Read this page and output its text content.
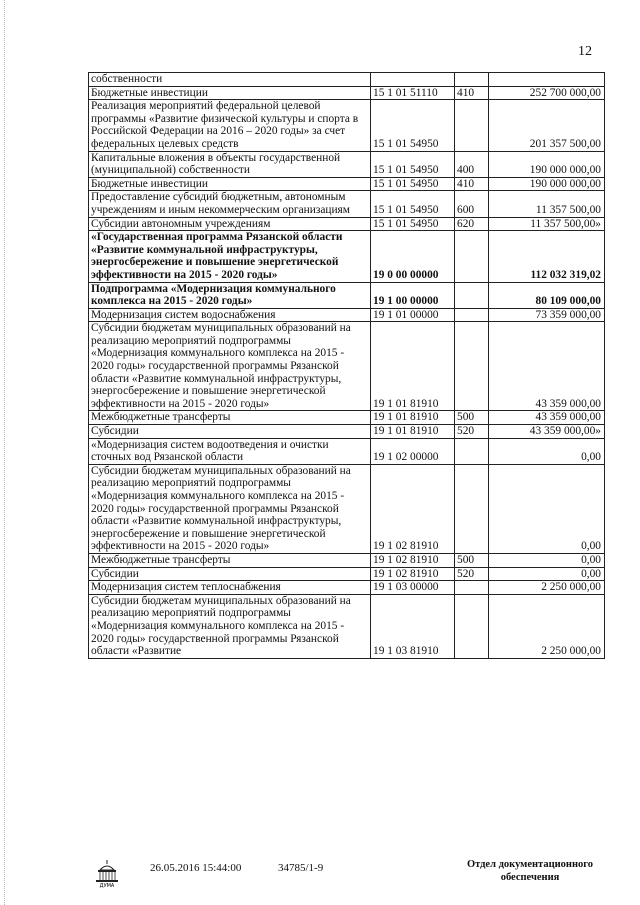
12
собственности			
Бюджетные инвестиции	15 1 01 51110	410	252 700 000,00
Реализация мероприятий федеральной целевой программы «Развитие физической культуры и спорта в Российской Федерации на 2016 – 2020 годы» за счет федеральных целевых средств	15 1 01 54950		201 357 500,00
Капитальные вложения в объекты государственной (муниципальной) собственности	15 1 01 54950	400	190 000 000,00
Бюджетные инвестиции	15 1 01 54950	410	190 000 000,00
Предоставление субсидий бюджетным, автономным учреждениям и иным некоммерческим организациям	15 1 01 54950	600	11 357 500,00
Субсидии автономным учреждениям	15 1 01 54950	620	11 357 500,00»
«Государственная программа Рязанской области «Развитие коммунальной инфраструктуры, энергосбережение и повышение энергетической эффективности на 2015 - 2020 годы»	19 0 00 00000		112 032 319,02
Подпрограмма «Модернизация коммунального комплекса на 2015 - 2020 годы»	19 1 00 00000		80 109 000,00
Модернизация систем водоснабжения	19 1 01 00000		73 359 000,00
Субсидии бюджетам муниципальных образований на реализацию мероприятий подпрограммы «Модернизация коммунального комплекса на 2015 - 2020 годы» государственной программы Рязанской области «Развитие коммунальной инфраструктуры, энергосбережение и повышение энергетической эффективности на 2015 - 2020 годы»	19 1 01 81910		43 359 000,00
Межбюджетные трансферты	19 1 01 81910	500	43 359 000,00
Субсидии	19 1 01 81910	520	43 359 000,00»
«Модернизация систем водоотведения и очистки сточных вод Рязанской области	19 1 02 00000		0,00
Субсидии бюджетам муниципальных образований на реализацию мероприятий подпрограммы «Модернизация коммунального комплекса на 2015 - 2020 годы» государственной программы Рязанской области «Развитие коммунальной инфраструктуры, энергосбережение и повышение энергетической эффективности на 2015 - 2020 годы»	19 1 02 81910		0,00
Межбюджетные трансферты	19 1 02 81910	500	0,00
Субсидии	19 1 02 81910	520	0,00
Модернизация систем теплоснабжения	19 1 03 00000		2 250 000,00
Субсидии бюджетам муниципальных образований на реализацию мероприятий подпрограммы «Модернизация коммунального комплекса на 2015 - 2020 годы» государственной программы Рязанской области «Развитие	19 1 03 81910		2 250 000,00
ДУМА
26.05.2016 15:44:00	34785/1-9	Отдел документационного обеспечения
